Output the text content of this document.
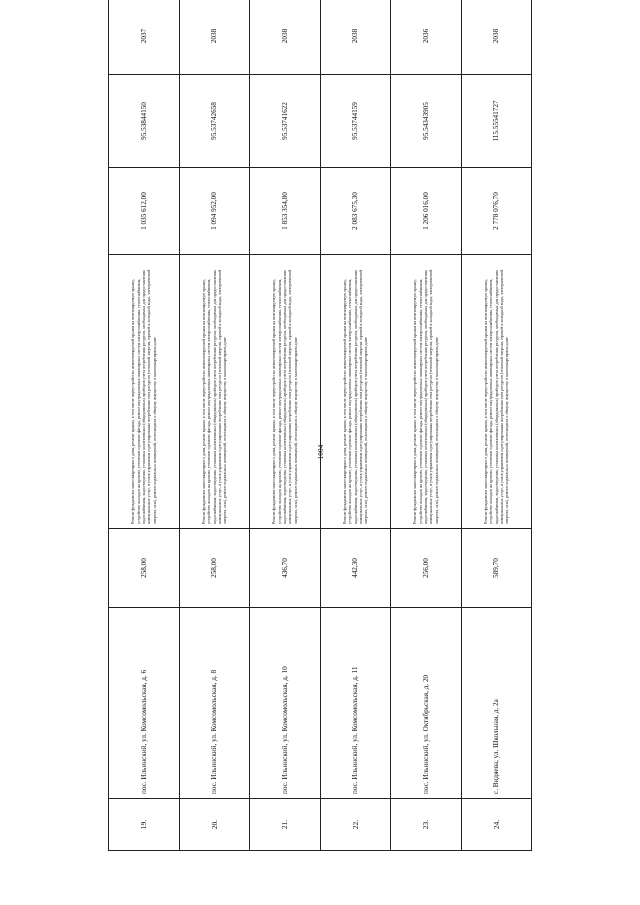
1004
19.	пос. Ильинский, ул. Комсомольская, д. 6	258,00	Ремонт фундамента многоквартирного дома, ремонт крыши, в том числе переустройство невентилируемой крыши на вентилируемую крышу, устройство выходов на кровлю, утепление и ремонт фасада, ремонт внутридомовых инженерных систем электроснабжения, теплоснабжения, водоснабжения, водоотведения, установка коллективных (общедомовых) приборов учета потребления ресурсов, необходимых для предоставления коммунальных услуг, и узлов управления и регулирования потребления этих ресурсов (тепловой энергии, горячей и холодной воды, электрической энергии, газа), ремонт подвальных помещений, относящихся к общему имуществу в многоквартирном доме	1 035 612,00	95.53844150	2037
20.	пос. Ильинский, ул. Комсомольская, д. 8	258,00	Ремонт фундамента многоквартирного дома, ремонт крыши, в том числе переустройство невентилируемой крыши на вентилируемую крышу, устройство выходов на кровлю, утепление и ремонт фасада, ремонт внутридомовых инженерных систем электроснабжения, теплоснабжения, водоснабжения, водоотведения, установка коллективных (общедомовых) приборов учета потребления ресурсов, необходимых для предоставления коммунальных услуг, и узлов управления и регулирования потребления этих ресурсов (тепловой энергии, горячей и холодной воды, электрической энергии, газа), ремонт подвальных помещений, относящихся к общему имуществу в многоквартирном доме	1 094 952,00	95.53742658	2038
21.	пос. Ильинский, ул. Комсомольская, д. 10	436,70	Ремонт фундамента многоквартирного дома, ремонт крыши, в том числе переустройство невентилируемой крыши на вентилируемую крышу, устройство выходов на кровлю, утепление и ремонт фасада, ремонт внутридомовых инженерных систем электроснабжения, теплоснабжения, водоснабжения, водоотведения, установка коллективных (общедомовых) приборов учета потребления ресурсов, необходимых для предоставления коммунальных услуг, и узлов управления и регулирования потребления этих ресурсов (тепловой энергии, горячей и холодной воды, электрической энергии, газа), ремонт подвальных помещений, относящихся к общему имуществу в многоквартирном доме	1 853 354,80	95.53741622	2038
22.	пос. Ильинский, ул. Комсомольская, д. 11	442,30	Ремонт фундамента многоквартирного дома, ремонт крыши, в том числе переустройство невентилируемой крыши на вентилируемую крышу, устройство выходов на кровлю, утепление и ремонт фасада, ремонт внутридомовых инженерных систем электроснабжения, теплоснабжения, водоснабжения, водоотведения, установка коллективных (общедомовых) приборов учета потребления ресурсов, необходимых для предоставления коммунальных услуг, и узлов управления и регулирования потребления этих ресурсов (тепловой энергии, горячей и холодной воды, электрической энергии, газа), ремонт подвальных помещений, относящихся к общему имуществу в многоквартирном доме	2 083 675,30	95.53744159	2038
23.	пос. Ильинский, ул. Октябрьская, д. 20	256,00	Ремонт фундамента многоквартирного дома, ремонт крыши, в том числе переустройство невентилируемой крыши на вентилируемую крышу, устройство выходов на кровлю, утепление и ремонт фасада, ремонт внутридомовых инженерных систем электроснабжения, теплоснабжения, водоснабжения, водоотведения, установка коллективных (общедомовых) приборов учета потребления ресурсов, необходимых для предоставления коммунальных услуг, и узлов управления и регулирования потребления этих ресурсов (тепловой энергии, горячей и холодной воды, электрической энергии, газа), ремонт подвальных помещений, относящихся к общему имуществу в многоквартирном доме	1 206 016,00	95.54343905	2036
24.	с. Видяева, ул. Школьная, д. 2а	589,70	Ремонт фундамента многоквартирного дома, ремонт крыши, в том числе переустройство невентилируемой крыши на вентилируемую крышу, устройство выходов на кровлю, утепление и ремонт фасада, ремонт внутридомовых инженерных систем электроснабжения, теплоснабжения, водоснабжения, водоотведения, установка коллективных (общедомовых) приборов учета потребления ресурсов, необходимых для предоставления коммунальных услуг, и узлов управления и регулирования потребления этих ресурсов (тепловой энергии, горячей и холодной воды, электрической энергии, газа), ремонт подвальных помещений, относящихся к общему имуществу в многоквартирном доме	2 778 076,70	115.55541727	2038
